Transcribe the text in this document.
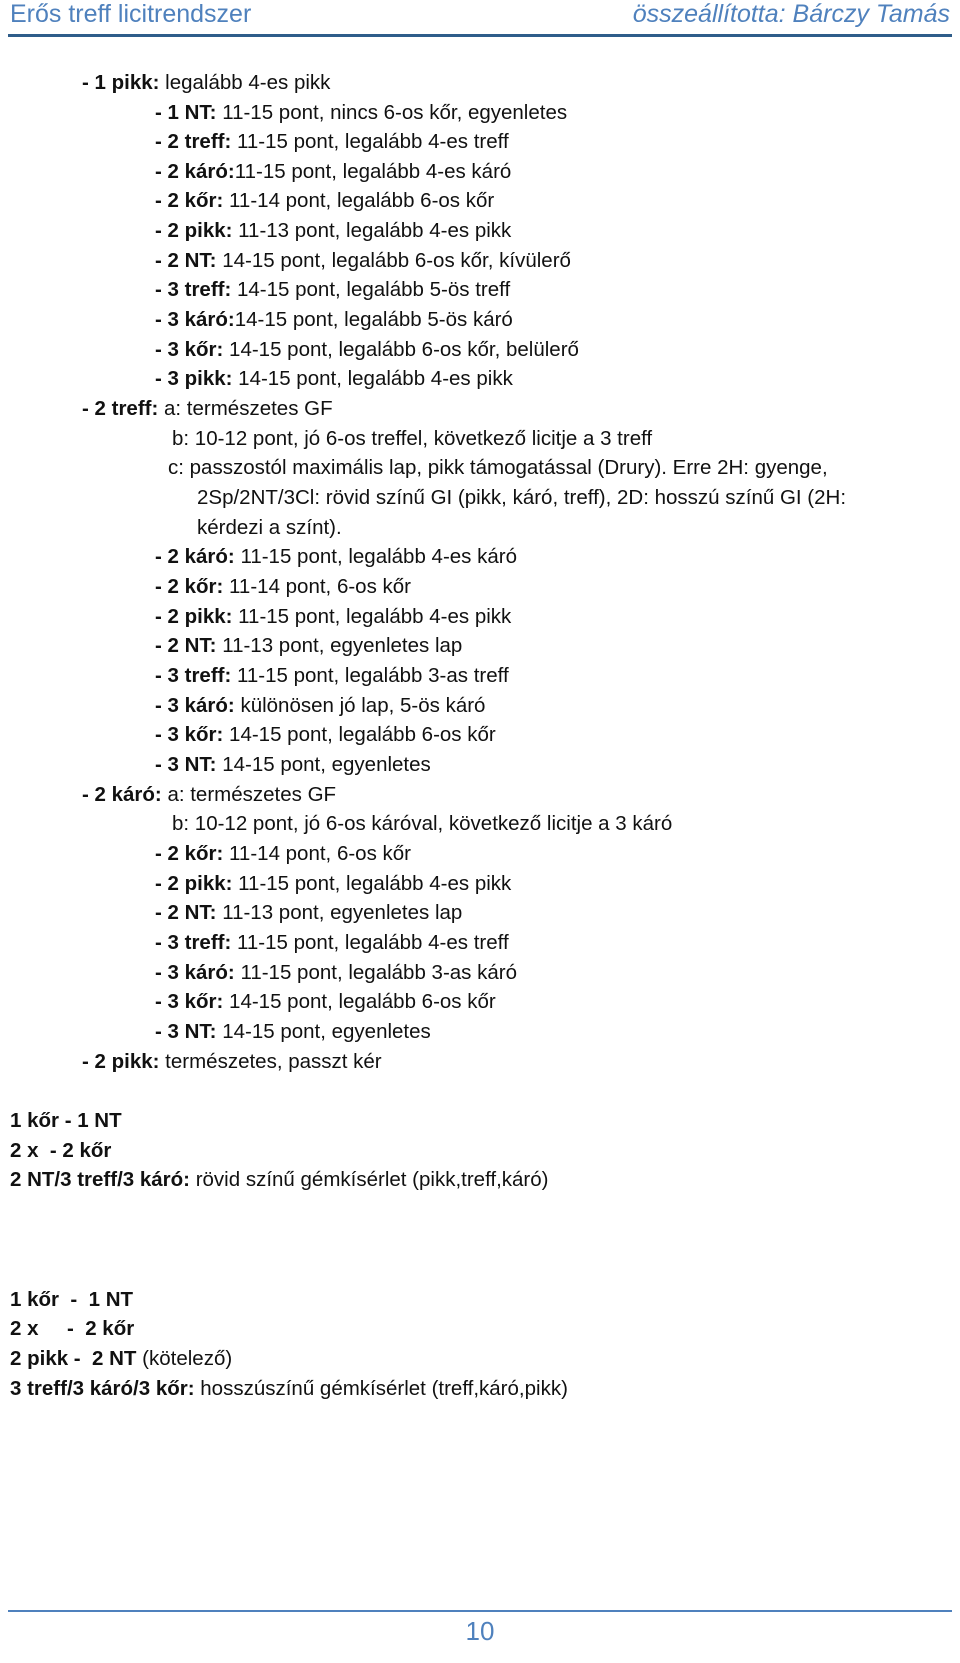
Erős treff licitrendszer	összeállította: Bárczy Tamás
- 1 pikk: legalább 4-es pikk
- 1 NT: 11-15 pont, nincs 6-os kőr, egyenletes
- 2 treff: 11-15 pont, legalább 4-es treff
- 2 káró:11-15 pont, legalább 4-es káró
- 2 kőr: 11-14 pont, legalább 6-os kőr
- 2 pikk: 11-13 pont, legalább 4-es pikk
- 2 NT: 14-15 pont, legalább 6-os kőr, kívülerő
- 3 treff: 14-15 pont, legalább 5-ös treff
- 3 káró:14-15 pont, legalább 5-ös káró
- 3 kőr: 14-15 pont, legalább 6-os kőr, belülerő
- 3 pikk: 14-15 pont, legalább 4-es pikk
- 2 treff: a: természetes GF
b: 10-12 pont, jó 6-os treffel, következő licitje a 3 treff
c: passzostól maximális lap, pikk támogatással (Drury). Erre 2H: gyenge,
2Sp/2NT/3Cl: rövid színű GI (pikk, káró, treff), 2D: hosszú színű GI (2H:
kérdezi a színt).
- 2 káró: 11-15 pont, legalább 4-es káró
- 2 kőr: 11-14 pont, 6-os kőr
- 2 pikk: 11-15 pont, legalább 4-es pikk
- 2 NT: 11-13 pont, egyenletes lap
- 3 treff: 11-15 pont, legalább 3-as treff
- 3 káró: különösen jó lap, 5-ös káró
- 3 kőr: 14-15 pont, legalább 6-os kőr
- 3 NT: 14-15 pont, egyenletes
- 2 káró: a: természetes GF
b: 10-12 pont, jó 6-os káróval, következő licitje a 3 káró
- 2 kőr: 11-14 pont, 6-os kőr
- 2 pikk: 11-15 pont, legalább 4-es pikk
- 2 NT: 11-13 pont, egyenletes lap
- 3 treff: 11-15 pont, legalább 4-es treff
- 3 káró: 11-15 pont, legalább 3-as káró
- 3 kőr: 14-15 pont, legalább 6-os kőr
- 3 NT: 14-15 pont, egyenletes
- 2 pikk: természetes, passzt kér
1 kőr - 1 NT
2 x  - 2 kőr
2 NT/3 treff/3 káró: rövid színű gémkísérlet (pikk,treff,káró)
1 kőr  -  1 NT
2 x     -  2 kőr
2 pikk -  2 NT (kötelező)
3 treff/3 káró/3 kőr: hosszúszínű gémkísérlet (treff,káró,pikk)
10
